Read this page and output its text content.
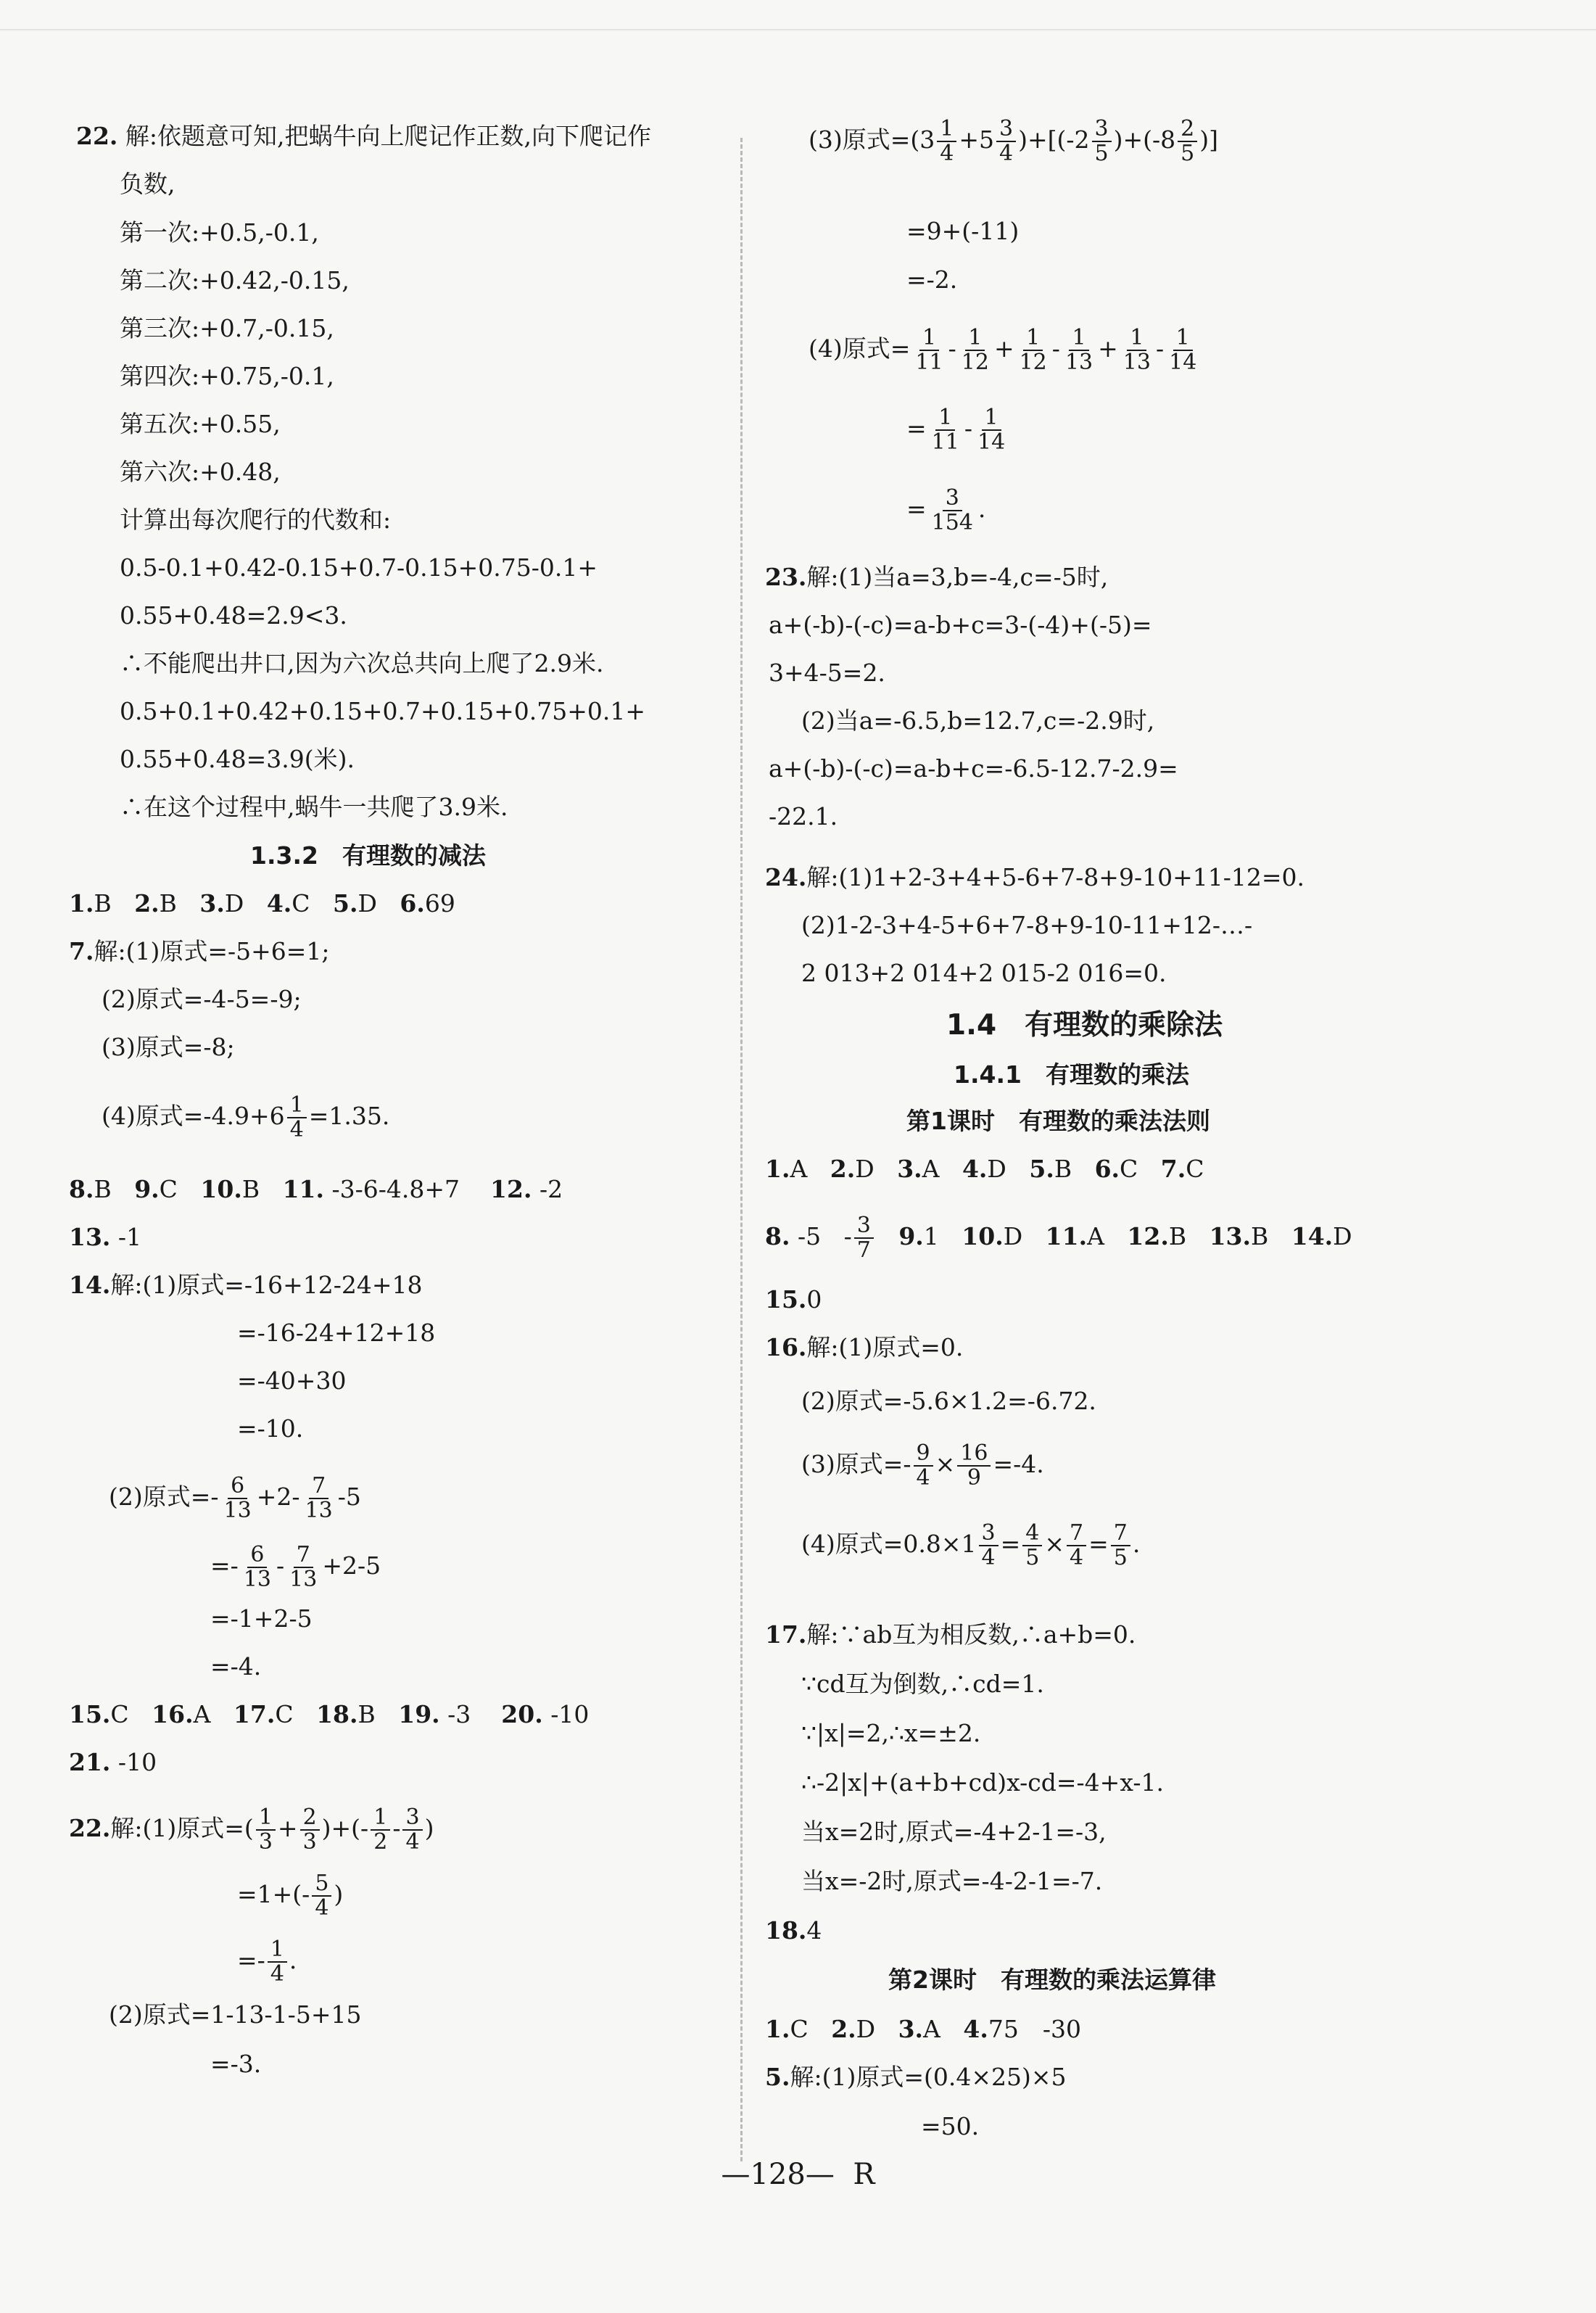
22. 解:依题意可知,把蜗牛向上爬记作正数,向下爬记作
负数,
第一次:+0.5,-0.1,
第二次:+0.42,-0.15,
第三次:+0.7,-0.15,
第四次:+0.75,-0.1,
第五次:+0.55,
第六次:+0.48,
计算出每次爬行的代数和:
0.5-0.1+0.42-0.15+0.7-0.15+0.75-0.1+
0.55+0.48=2.9<3.
∴不能爬出井口,因为六次总共向上爬了2.9米.
0.5+0.1+0.42+0.15+0.7+0.15+0.75+0.1+
0.55+0.48=3.9(米).
∴在这个过程中,蜗牛一共爬了3.9米.
1.3.2　有理数的减法
1.B 2.B 3.D 4.C 5.D 6.69
7.解:(1)原式=-5+6=1;
(2)原式=-4-5=-9;
(3)原式=-8;
(4)原式$=-4.9+6 \frac{1}{4} =1.35$.
8.B 9.C 10.B 11. -3-6-4.8+7 12. -2
13. -1
14.解:(1)原式=-16+12-24+18
=-16-24+12+18
=-40+30
=-10.
(2)原式=- $\frac{6}{13} +2- \frac{7}{13} -5$
=- $\frac{6}{13} - \frac{7}{13} +2-5$
=-1+2-5
=-4.
15.C 16.A 17.C 18.B 19. -3 20. -10
21. -10
22.解:(1)原式=( $\frac{1}{3} + \frac{2}{3}$ )+(- $\frac{1}{2} - \frac{3}{4}$ )
$=1+(- \frac{5}{4}$ )
=- $\frac{1}{4}$ .
(2)原式=1-13-1-5+15
=-3.
(3)原式$=(3 \frac{1}{4} +5 \frac{3}{4} )+[(-2 \frac{3}{5} )+(-8 \frac{2}{5}$ )]
=9+(-11)
=-2.
(4)原式= $\frac{1}{11} - \frac{1}{12} + \frac{1}{12} - \frac{1}{13} + \frac{1}{13} - \frac{1}{14}$
= $\frac{1}{11} - \frac{1}{14}$
= $\frac{3}{154}$ .
23.解:(1)当a=3,b=-4,c=-5时,
a+(-b)-(-c)=a-b+c=3-(-4)+(-5)=
3+4-5=2.
(2)当a=-6.5,b=12.7,c=-2.9时,
a+(-b)-(-c)=a-b+c=-6.5-12.7-2.9=
-22.1.
24.解:(1)1+2-3+4+5-6+7-8+9-10+11-12=0.
(2)1-2-3+4-5+6+7-8+9-10-11+12-…-
2 013+2 014+2 015-2 016=0.
1.4　有理数的乘除法
1.4.1　有理数的乘法
第1课时　有理数的乘法法则
1.A 2.D 3.A 4.D 5.B 6.C 7.C
8. $-5 - \frac{3}{7} 9.1$ 10.D 11.A 12.B 13.B 14.D
15.0
16.解:(1)原式=0.
(2)原式=-5.6×1.2=-6.72.
(3)原式=- $\frac{9}{4} \times \frac{16}{9} =-4$.
(4)原式$=0.8\times 1 \frac{3}{4} = \frac{4}{5} \times \frac{7}{4} = \frac{7}{5}$ .
17.解:∵ab互为相反数,∴a+b=0.
∵cd互为倒数,∴cd=1.
∵|x|=2,∴x=±2.
∴-2|x|+(a+b+cd)x-cd=-4+x-1.
当x=2时,原式=-4+2-1=-3,
当x=-2时,原式=-4-2-1=-7.
18.4
第2课时　有理数的乘法运算律
1.C 2.D 3.A 4.75　-30
5.解:(1)原式=(0.4×25)×5
=50.
—128—  R
